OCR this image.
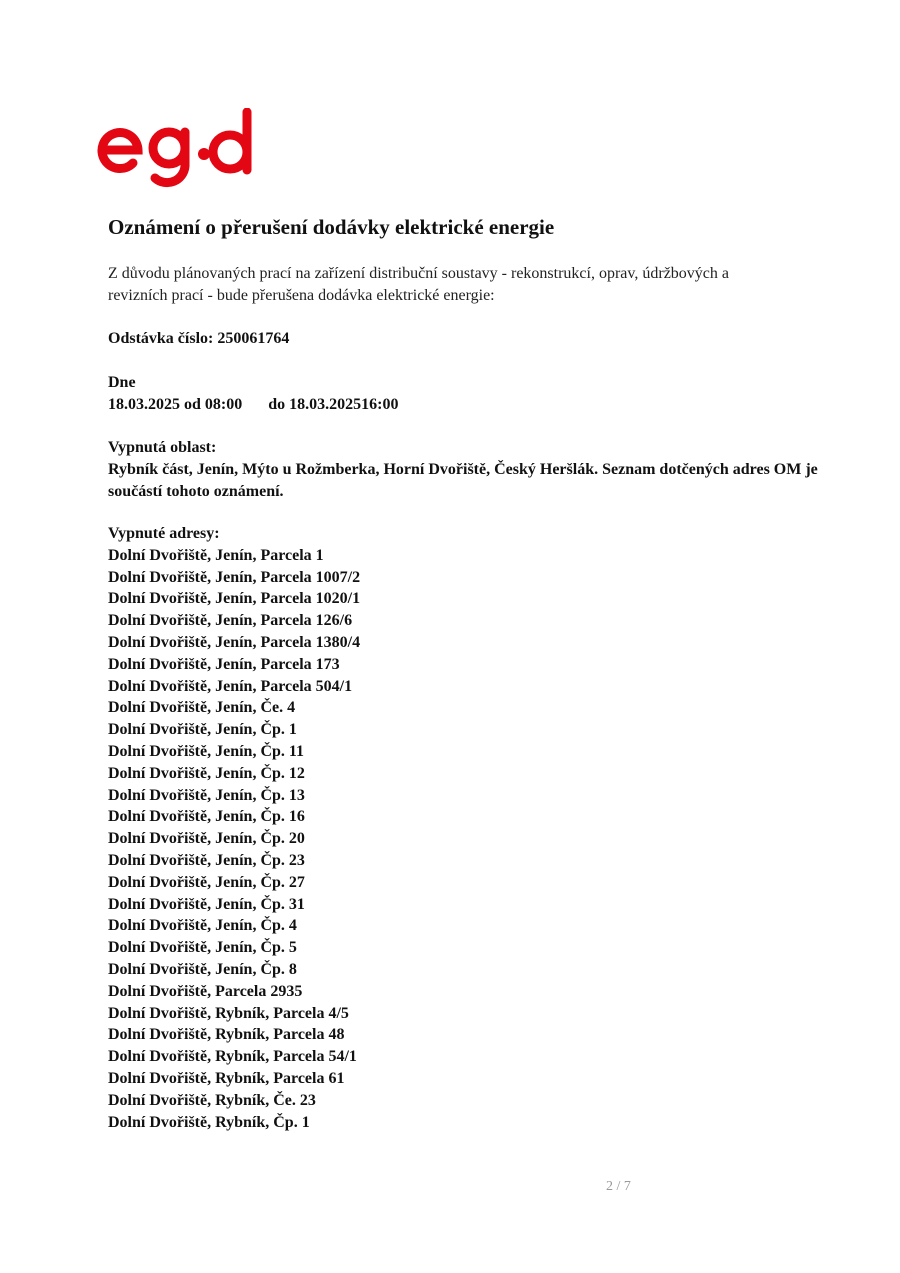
Oznámení o přerušení dodávky elektrické energie
Z důvodu plánovaných prací na zařízení distribuční soustavy - rekonstrukcí, oprav, údržbových a revizních prací - bude přerušena dodávka elektrické energie:
Odstávka číslo: 250061764
Dne
18.03.2025 od 08:00 do 18.03.202516:00
Vypnutá oblast:
Rybník část, Jenín, Mýto u Rožmberka, Horní Dvořiště, Český Heršlák. Seznam dotčených adres OM je součástí tohoto oznámení.
Vypnuté adresy:
Dolní Dvořiště, Jenín, Parcela 1
Dolní Dvořiště, Jenín, Parcela 1007/2
Dolní Dvořiště, Jenín, Parcela 1020/1
Dolní Dvořiště, Jenín, Parcela 126/6
Dolní Dvořiště, Jenín, Parcela 1380/4
Dolní Dvořiště, Jenín, Parcela 173
Dolní Dvořiště, Jenín, Parcela 504/1
Dolní Dvořiště, Jenín, Če. 4
Dolní Dvořiště, Jenín, Čp. 1
Dolní Dvořiště, Jenín, Čp. 11
Dolní Dvořiště, Jenín, Čp. 12
Dolní Dvořiště, Jenín, Čp. 13
Dolní Dvořiště, Jenín, Čp. 16
Dolní Dvořiště, Jenín, Čp. 20
Dolní Dvořiště, Jenín, Čp. 23
Dolní Dvořiště, Jenín, Čp. 27
Dolní Dvořiště, Jenín, Čp. 31
Dolní Dvořiště, Jenín, Čp. 4
Dolní Dvořiště, Jenín, Čp. 5
Dolní Dvořiště, Jenín, Čp. 8
Dolní Dvořiště, Parcela 2935
Dolní Dvořiště, Rybník, Parcela 4/5
Dolní Dvořiště, Rybník, Parcela 48
Dolní Dvořiště, Rybník, Parcela 54/1
Dolní Dvořiště, Rybník, Parcela 61
Dolní Dvořiště, Rybník, Če. 23
Dolní Dvořiště, Rybník, Čp. 1
2 / 7
